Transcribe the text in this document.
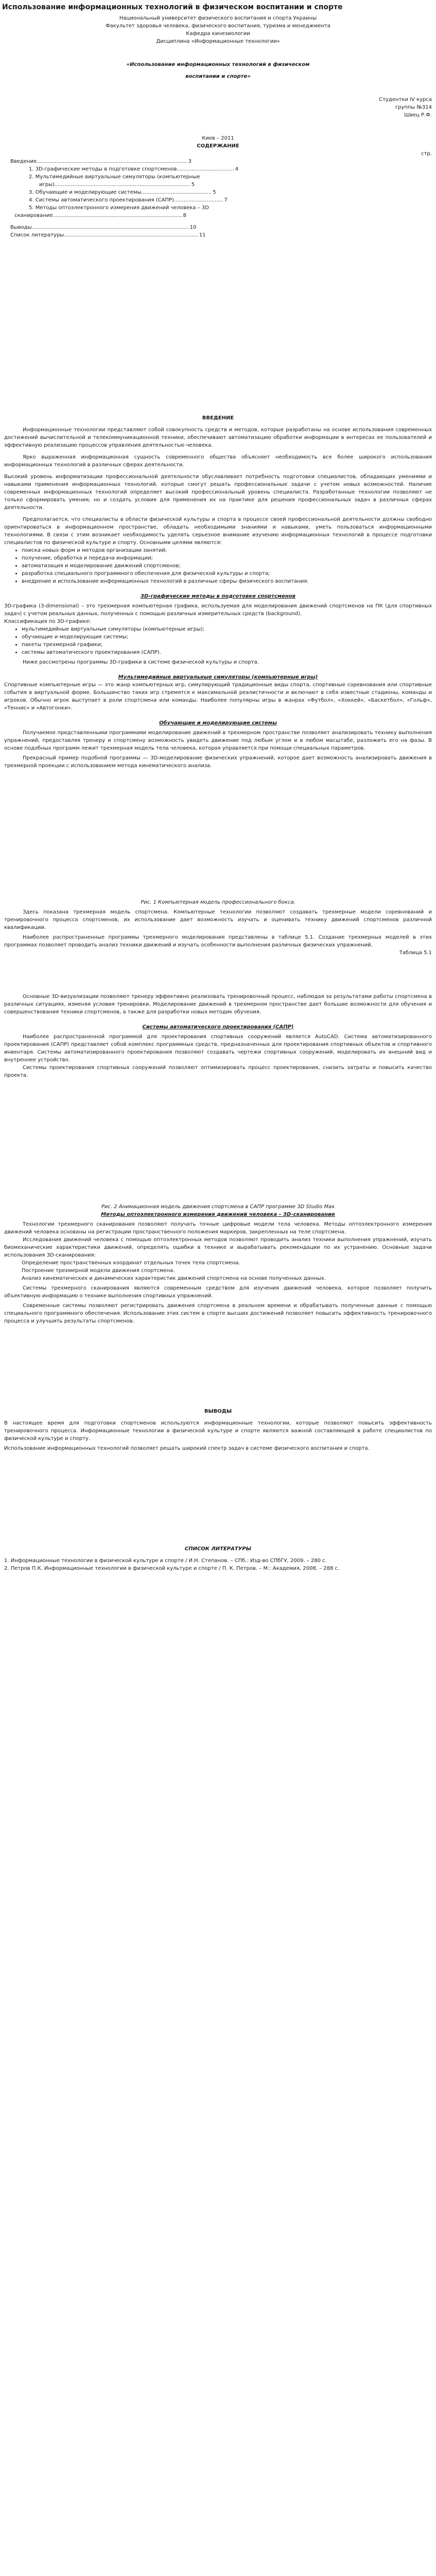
Использование информационных технологий в физическом воспитании и спорте

Национальный университет физического воспитания и спорта Украины

Факультет здоровья человека, физического воспитания, туризма и менеджмента

Кафедра кинезиологии

Дисциплина «Информационные технологии»

«Использование информационных технологий в физическом

воспитании и спорте»

Студентки IV курса

группы №314

Швец Р.Ф.

Киев – 2011

СОДЕРЖАНИЕ

стр.

Введение............................................................................................ 3
1. 3D-графические методы в подготовке спортсменов................................... 4
2. Мультимедийные виртуальные симуляторы (компьютерные
игры)................................................................................... 5
3. Обучающие и моделирующие системы........................................... 5
4. Системы автоматического проектирования (САПР).............................. 7
5. Методы оптоэлектронного измерения движений человека – 3D
сканирование............................................................................... 8
Выводы................................................................................................ 10
Список литературы.................................................................................. 11

ВВЕДЕНИЕ

Информационные технологии представляют собой совокупность средств и методов, которые разработаны на основе использования современных достижений вычислительной и телекоммуникационной техники, обеспечивают автоматизацию обработки информации в интересах ее пользователей и эффективную реализацию процессов управления деятельностью человека.

Ярко выраженная информационная сущность современного общества объясняет необходимость все более широкого использования информационных технологий в различных сферах деятельности.

Высокий уровень информатизации профессиональной деятельности обуславливает потребность подготовки специалистов, обладающих умениями и навыками применения информационных технологий, которые смогут решать профессиональные задачи с учетом новых возможностей. Наличие современных информационных технологий определяет высокий профессиональный уровень специалиста. Разработанные технологии позволяют не только сформировать умения, но и создать условия для применения их на практике для решения профессиональных задач в различных сферах деятельности.

Предполагается, что специалисты в области физической культуры и спорта в процессе своей профессиональной деятельности должны свободно ориентироваться в информационном пространстве, обладать необходимыми знаниями и навыками, уметь пользоваться информационными технологиями. В связи с этим возникает необходимость уделять серьезное внимание изучению информационных технологий в процессе подготовки специалистов по физической культуре и спорту. Основными целями являются:

• поиска новых форм и методов организации занятий;
• получение, обработка и передача информации;
• автоматизация и моделирование движений спортсменов;
• разработка специального программного обеспечения для физической культуры и спорта;
• внедрение и использование информационных технологий в различные сферы физического воспитания.

3D-графические методы в подготовке спортсменов

3D-графика (3-dimensional) – это трехмерная компьютерная графика, используемая для моделирования движений спортсменов на ПК (для спортивных задач) с учетом реальных данных, полученных с помощью различных измерительных средств (background).

Классификация по 3D-графике:

• мультимедийные виртуальные симуляторы (компьютерные игры);
• обучающие и моделирующие системы;
• пакеты трехмерной графики;
• системы автоматического проектирования (САПР).

Ниже рассмотрены программы 3D-графики в системе физической культуры и спорта.

Мультимедийные виртуальные симуляторы (компьютерные игры)

Спортивные компьютерные игры — это жанр компьютерных игр, симулирующий традиционные виды спорта, спортивные соревнования или спортивные события в виртуальной форме. Большинство таких игр стремятся к максимальной реалистичности и включают в себя известные стадионы, команды и игроков. Обычно игрок выступает в роли спортсмена или команды. Наиболее популярны игры в жанрах «Футбол», «Хоккей», «Баскетбол», «Гольф», «Теннис» и «Автогонки».

Обучающие и моделирующие системы

Получаемое представленными программами моделирование движений в трехмерном пространстве позволяет анализировать технику выполнения упражнений, предоставляя тренеру и спортсмену возможность увидеть движение под любым углом и в любом масштабе, разложить его на фазы. В основе подобных программ лежит трехмерная модель тела человека, которая управляется при помощи специальных параметров.

Прекрасный пример подобной программы — 3D-моделирование физических упражнений, которое дает возможность анализировать движения в трехмерной проекции с использованием метода кинематического анализа.

Рис. 1 Компьютерная модель профессионального бокса.

Здесь показана трехмерная модель спортсмена. Компьютерные технологии позволяют создавать трехмерные модели соревнований и тренировочного процесса спортсменов, их использование дает возможность изучать и оценивать технику движений спортсменов различной квалификации.

Наиболее распространенные программы трехмерного моделирования представлены в таблице 5.1. Создание трехмерных моделей в этих программах позволяет проводить анализ техники движений и изучать особенности выполнения различных физических упражнений.

Таблица 5.1

Основные 3D-визуализации позволяют тренеру эффективно реализовать тренировочный процесс, наблюдая за результатами работы спортсмена в различных ситуациях, изменяя условия тренировки. Моделирование движений в трехмерном пространстве дает большие возможности для обучения и совершенствования техники спортсменов, а также для разработки новых методик обучения.

Системы автоматического проектирования (САПР)

Наиболее распространенной программой для проектирования спортивных сооружений является AutoCAD. Система автоматизированного проектирования (САПР) представляет собой комплекс программных средств, предназначенных для проектирования спортивных объектов и спортивного инвентаря. Системы автоматизированного проектирования позволяют создавать чертежи спортивных сооружений, моделировать их внешний вид и внутреннее устройство.

Системы проектирования спортивных сооружений позволяют оптимизировать процесс проектирования, снизить затраты и повысить качество проекта.

Рис. 2 Анимационная модель движения спортсмена в САПР программе 3D Studio Max

Методы оптоэлектронного измерения движений человека – 3D-сканирование

Технологии трехмерного сканирования позволяют получать точные цифровые модели тела человека. Методы оптоэлектронного измерения движений человека основаны на регистрации пространственного положения маркеров, закрепленных на теле спортсмена.

Исследования движений человека с помощью оптоэлектронных методов позволяют проводить анализ техники выполнения упражнений, изучать биомеханические характеристики движений, определять ошибки в технике и вырабатывать рекомендации по их устранению. Основные задачи использования 3D-сканирования:

Определение пространственных координат отдельных точек тела спортсмена.
Построение трехмерной модели движения спортсмена.
Анализ кинематических и динамических характеристик движений спортсмена на основе полученных данных.

Системы трехмерного сканирования являются современным средством для изучения движений человека, которое позволяет получить объективную информацию о технике выполнения спортивных упражнений.

Современные системы позволяют регистрировать движения спортсмена в реальном времени и обрабатывать полученные данные с помощью специального программного обеспечения. Использование этих систем в спорте высших достижений позволяет повысить эффективность тренировочного процесса и улучшить результаты спортсменов.

ВЫВОДЫ

В настоящее время для подготовки спортсменов используются информационные технологии, которые позволяют повысить эффективность тренировочного процесса. Информационные технологии в физической культуре и спорте являются важной составляющей в работе специалистов по физической культуре и спорту.

Использование информационных технологий позволяет решать широкий спектр задач в системе физического воспитания и спорта.

СПИСОК ЛИТЕРАТУРЫ

1. Информационные технологии в физической культуре и спорте / И.Н. Степанов. – СПб.: Изд-во СПбГУ, 2009. – 280 с.

2. Петров П.К. Информационные технологии в физической культуре и спорте / П. К. Петров. – М.: Академия, 2008. – 288 с.
